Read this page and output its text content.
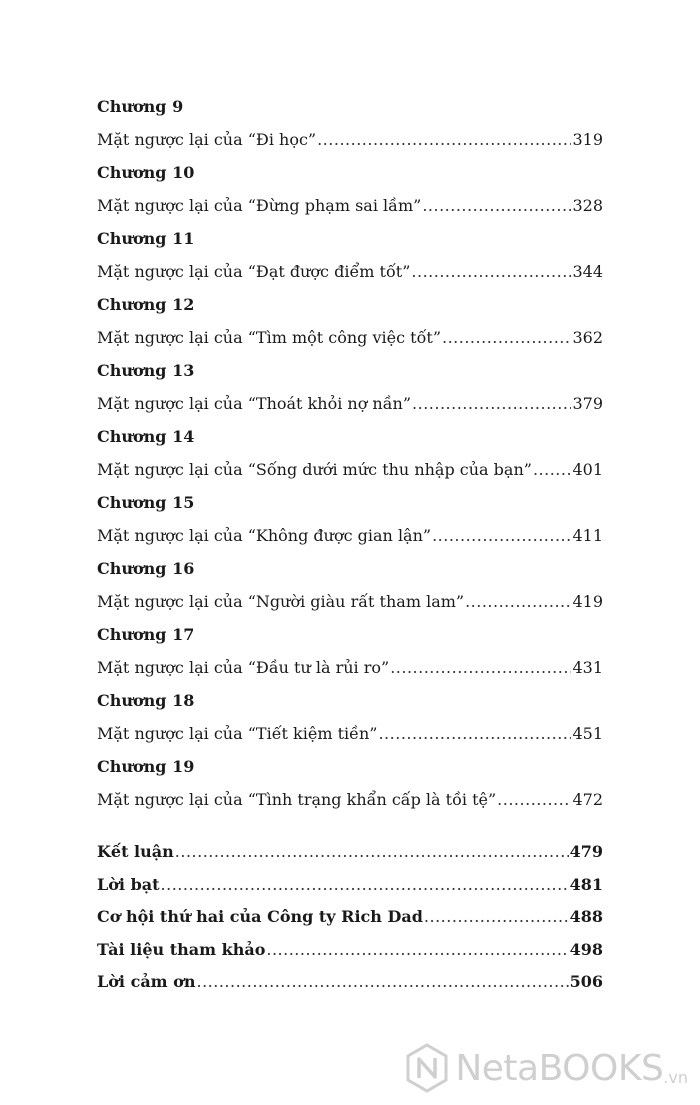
Chương 9
Mặt ngược lại của “Đi học” .....	319
Chương 10
Mặt ngược lại của “Đừng phạm sai lầm” .....	328
Chương 11
Mặt ngược lại của “Đạt được điểm tốt” .....	344
Chương 12
Mặt ngược lại của “Tìm một công việc tốt” .....	362
Chương 13
Mặt ngược lại của “Thoát khỏi nợ nần” .....	379
Chương 14
Mặt ngược lại của “Sống dưới mức thu nhập của bạn” .....	401
Chương 15
Mặt ngược lại của “Không được gian lận” .....	411
Chương 16
Mặt ngược lại của “Người giàu rất tham lam” .....	419
Chương 17
Mặt ngược lại của “Đầu tư là rủi ro” .....	431
Chương 18
Mặt ngược lại của “Tiết kiệm tiền” .....	451
Chương 19
Mặt ngược lại của “Tình trạng khẩn cấp là tồi tệ” .....	472
Kết luận .....	479
Lời bạt .....	481
Cơ hội thứ hai của Công ty Rich Dad .....	488
Tài liệu tham khảo .....	498
Lời cảm ơn .....	506
NetaBOOKS .vn
